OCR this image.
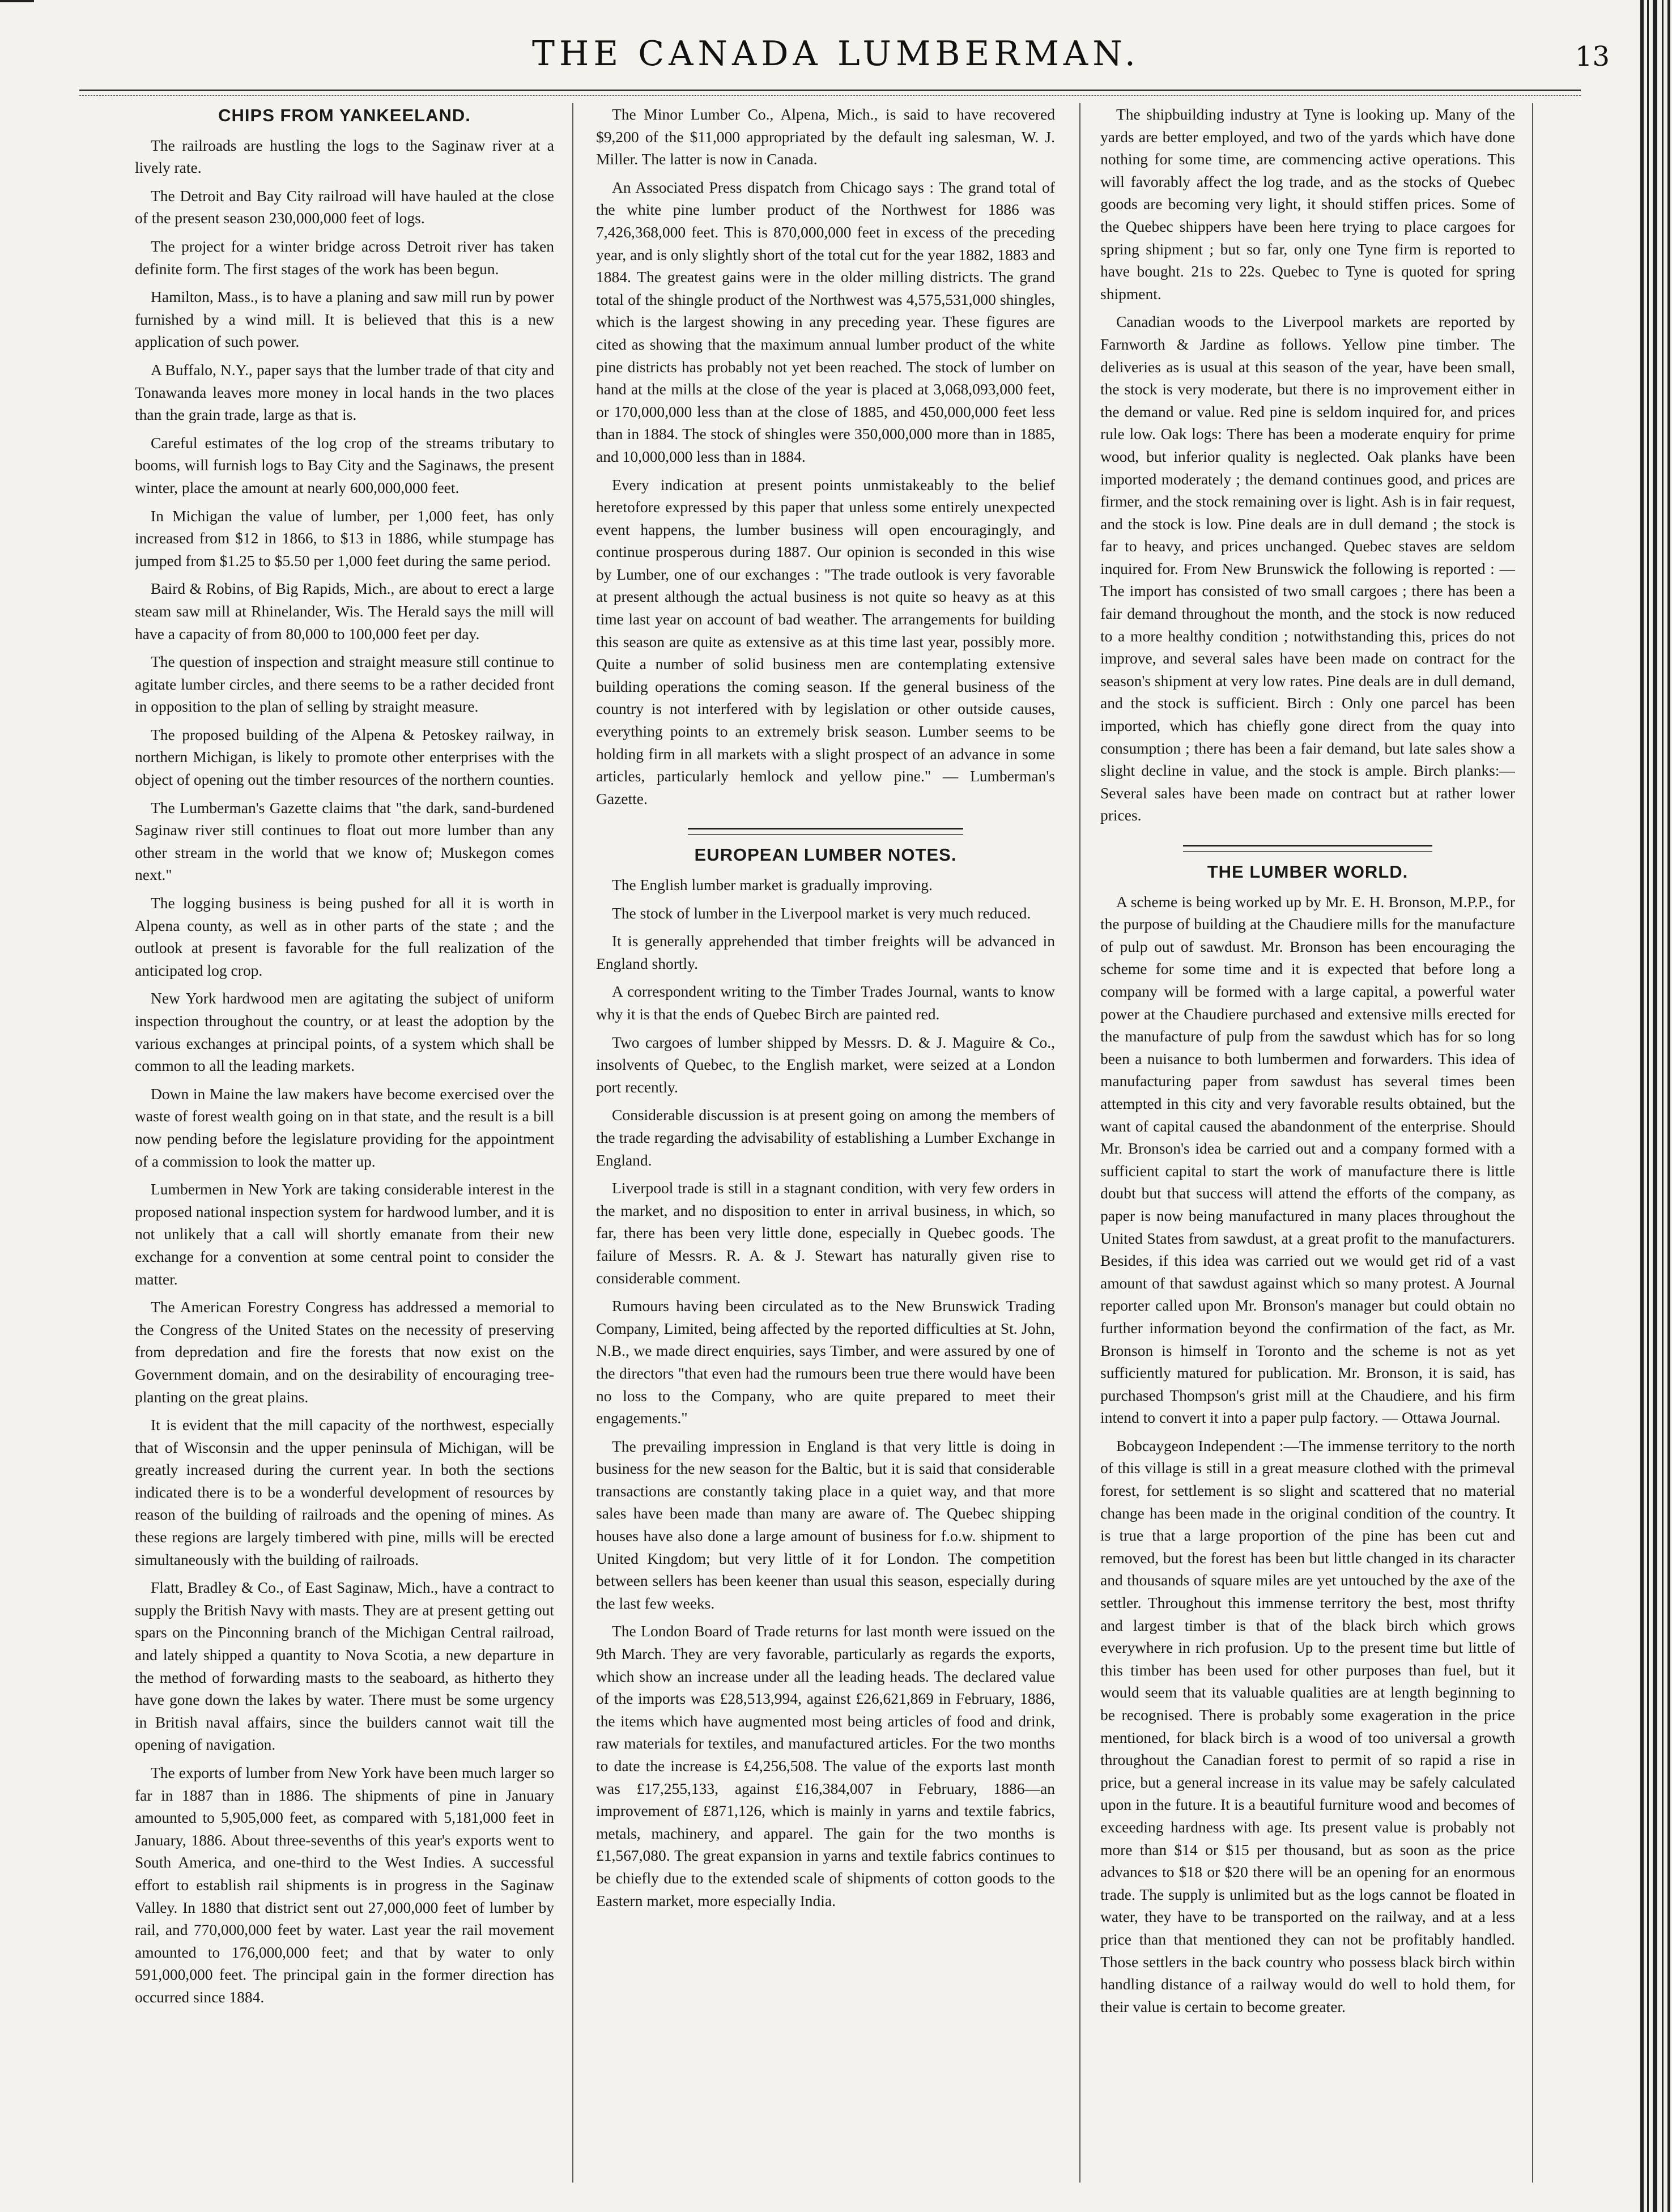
THE CANADA LUMBERMAN.	13
CHIPS FROM YANKEELAND.

The railroads are hustling the logs to the Saginaw river at a lively rate.

The Detroit and Bay City railroad will have hauled at the close of the present season 230,000,000 feet of logs.

The project for a winter bridge across Detroit river has taken definite form. The first stages of the work has been begun.

Hamilton, Mass., is to have a planing and saw mill run by power furnished by a wind mill. It is believed that this is a new application of such power.

A Buffalo, N.Y., paper says that the lumber trade of that city and Tonawanda leaves more money in local hands in the two places than the grain trade, large as that is.

Careful estimates of the log crop of the streams tributary to booms, will furnish logs to Bay City and the Saginaws, the present winter, place the amount at nearly 600,000,000 feet.

In Michigan the value of lumber, per 1,000 feet, has only increased from $12 in 1866, to $13 in 1886, while stumpage has jumped from $1.25 to $5.50 per 1,000 feet during the same period.

Baird & Robins, of Big Rapids, Mich., are about to erect a large steam saw mill at Rhinelander, Wis. The Herald says the mill will have a capacity of from 80,000 to 100,000 feet per day.

The question of inspection and straight measure still continue to agitate lumber circles, and there seems to be a rather decided front in opposition to the plan of selling by straight measure.

The proposed building of the Alpena & Petoskey railway, in northern Michigan, is likely to promote other enterprises with the object of opening out the timber resources of the northern counties.

The Lumberman's Gazette claims that "the dark, sand-burdened Saginaw river still continues to float out more lumber than any other stream in the world that we know of; Muskegon comes next."

The logging business is being pushed for all it is worth in Alpena county, as well as in other parts of the state ; and the outlook at present is favorable for the full realization of the anticipated log crop.

New York hardwood men are agitating the subject of uniform inspection throughout the country, or at least the adoption by the various exchanges at principal points, of a system which shall be common to all the leading markets.

Down in Maine the law makers have become exercised over the waste of forest wealth going on in that state, and the result is a bill now pending before the legislature providing for the appointment of a commission to look the matter up.

Lumbermen in New York are taking considerable interest in the proposed national inspection system for hardwood lumber, and it is not unlikely that a call will shortly emanate from their new exchange for a convention at some central point to consider the matter.

The American Forestry Congress has addressed a memorial to the Congress of the United States on the necessity of preserving from depredation and fire the forests that now exist on the Government domain, and on the desirability of encouraging tree-planting on the great plains.

It is evident that the mill capacity of the northwest, especially that of Wisconsin and the upper peninsula of Michigan, will be greatly increased during the current year. In both the sections indicated there is to be a wonderful development of resources by reason of the building of railroads and the opening of mines. As these regions are largely timbered with pine, mills will be erected simultaneously with the building of railroads.

Flatt, Bradley & Co., of East Saginaw, Mich., have a contract to supply the British Navy with masts. They are at present getting out spars on the Pinconning branch of the Michigan Central railroad, and lately shipped a quantity to Nova Scotia, a new departure in the method of forwarding masts to the seaboard, as hitherto they have gone down the lakes by water. There must be some urgency in British naval affairs, since the builders cannot wait till the opening of navigation.

The exports of lumber from New York have been much larger so far in 1887 than in 1886. The shipments of pine in January amounted to 5,905,000 feet, as compared with 5,181,000 feet in January, 1886. About three-sevenths of this year's exports went to South America, and one-third to the West Indies. A successful effort to establish rail shipments is in progress in the Saginaw Valley. In 1880 that district sent out 27,000,000 feet of lumber by rail, and 770,000,000 feet by water. Last year the rail movement amounted to 176,000,000 feet; and that by water to only 591,000,000 feet. The principal gain in the former direction has occurred since 1884.

The Minor Lumber Co., Alpena, Mich., is said to have recovered $9,200 of the $11,000 appropriated by the default ing salesman, W. J. Miller. The latter is now in Canada.

An Associated Press dispatch from Chicago says : The grand total of the white pine lumber product of the Northwest for 1886 was 7,426,368,000 feet. This is 870,000,000 feet in excess of the preceding year, and is only slightly short of the total cut for the year 1882, 1883 and 1884. The greatest gains were in the older milling districts. The grand total of the shingle product of the Northwest was 4,575,531,000 shingles, which is the largest showing in any preceding year. These figures are cited as showing that the maximum annual lumber product of the white pine districts has probably not yet been reached. The stock of lumber on hand at the mills at the close of the year is placed at 3,068,093,000 feet, or 170,000,000 less than at the close of 1885, and 450,000,000 feet less than in 1884. The stock of shingles were 350,000,000 more than in 1885, and 10,000,000 less than in 1884.

Every indication at present points unmistakeably to the belief heretofore expressed by this paper that unless some entirely unexpected event happens, the lumber business will open encouragingly, and continue prosperous during 1887. Our opinion is seconded in this wise by Lumber, one of our exchanges : "The trade outlook is very favorable at present although the actual business is not quite so heavy as at this time last year on account of bad weather. The arrangements for building this season are quite as extensive as at this time last year, possibly more. Quite a number of solid business men are contemplating extensive building operations the coming season. If the general business of the country is not interfered with by legislation or other outside causes, everything points to an extremely brisk season. Lumber seems to be holding firm in all markets with a slight prospect of an advance in some articles, particularly hemlock and yellow pine." — Lumberman's Gazette.

EUROPEAN LUMBER NOTES.

The English lumber market is gradually improving.

The stock of lumber in the Liverpool market is very much reduced.

It is generally apprehended that timber freights will be advanced in England shortly.

A correspondent writing to the Timber Trades Journal, wants to know why it is that the ends of Quebec Birch are painted red.

Two cargoes of lumber shipped by Messrs. D. & J. Maguire & Co., insolvents of Quebec, to the English market, were seized at a London port recently.

Considerable discussion is at present going on among the members of the trade regarding the advisability of establishing a Lumber Exchange in England.

Liverpool trade is still in a stagnant condition, with very few orders in the market, and no disposition to enter in arrival business, in which, so far, there has been very little done, especially in Quebec goods. The failure of Messrs. R. A. & J. Stewart has naturally given rise to considerable comment.

Rumours having been circulated as to the New Brunswick Trading Company, Limited, being affected by the reported difficulties at St. John, N.B., we made direct enquiries, says Timber, and were assured by one of the directors "that even had the rumours been true there would have been no loss to the Company, who are quite prepared to meet their engagements."

The prevailing impression in England is that very little is doing in business for the new season for the Baltic, but it is said that considerable transactions are constantly taking place in a quiet way, and that more sales have been made than many are aware of. The Quebec shipping houses have also done a large amount of business for f.o.w. shipment to United Kingdom; but very little of it for London. The competition between sellers has been keener than usual this season, especially during the last few weeks.

The London Board of Trade returns for last month were issued on the 9th March. They are very favorable, particularly as regards the exports, which show an increase under all the leading heads. The declared value of the imports was £28,513,994, against £26,621,869 in February, 1886, the items which have augmented most being articles of food and drink, raw materials for textiles, and manufactured articles. For the two months to date the increase is £4,256,508. The value of the exports last month was £17,255,133, against £16,384,007 in February, 1886—an improvement of £871,126, which is mainly in yarns and textile fabrics, metals, machinery, and apparel. The gain for the two months is £1,567,080. The great expansion in yarns and textile fabrics continues to be chiefly due to the extended scale of shipments of cotton goods to the Eastern market, more especially India.

The shipbuilding industry at Tyne is looking up. Many of the yards are better employed, and two of the yards which have done nothing for some time, are commencing active operations. This will favorably affect the log trade, and as the stocks of Quebec goods are becoming very light, it should stiffen prices. Some of the Quebec shippers have been here trying to place cargoes for spring shipment ; but so far, only one Tyne firm is reported to have bought. 21s to 22s. Quebec to Tyne is quoted for spring shipment.

Canadian woods to the Liverpool markets are reported by Farnworth & Jardine as follows. Yellow pine timber. The deliveries as is usual at this season of the year, have been small, the stock is very moderate, but there is no improvement either in the demand or value. Red pine is seldom inquired for, and prices rule low. Oak logs: There has been a moderate enquiry for prime wood, but inferior quality is neglected. Oak planks have been imported moderately ; the demand continues good, and prices are firmer, and the stock remaining over is light. Ash is in fair request, and the stock is low. Pine deals are in dull demand ; the stock is far to heavy, and prices unchanged. Quebec staves are seldom inquired for. From New Brunswick the following is reported : — The import has consisted of two small cargoes ; there has been a fair demand throughout the month, and the stock is now reduced to a more healthy condition ; notwithstanding this, prices do not improve, and several sales have been made on contract for the season's shipment at very low rates. Pine deals are in dull demand, and the stock is sufficient. Birch : Only one parcel has been imported, which has chiefly gone direct from the quay into consumption ; there has been a fair demand, but late sales show a slight decline in value, and the stock is ample. Birch planks:— Several sales have been made on contract but at rather lower prices.

THE LUMBER WORLD.

A scheme is being worked up by Mr. E. H. Bronson, M.P.P., for the purpose of building at the Chaudiere mills for the manufacture of pulp out of sawdust. Mr. Bronson has been encouraging the scheme for some time and it is expected that before long a company will be formed with a large capital, a powerful water power at the Chaudiere purchased and extensive mills erected for the manufacture of pulp from the sawdust which has for so long been a nuisance to both lumbermen and forwarders. This idea of manufacturing paper from sawdust has several times been attempted in this city and very favorable results obtained, but the want of capital caused the abandonment of the enterprise. Should Mr. Bronson's idea be carried out and a company formed with a sufficient capital to start the work of manufacture there is little doubt but that success will attend the efforts of the company, as paper is now being manufactured in many places throughout the United States from sawdust, at a great profit to the manufacturers. Besides, if this idea was carried out we would get rid of a vast amount of that sawdust against which so many protest. A Journal reporter called upon Mr. Bronson's manager but could obtain no further information beyond the confirmation of the fact, as Mr. Bronson is himself in Toronto and the scheme is not as yet sufficiently matured for publication. Mr. Bronson, it is said, has purchased Thompson's grist mill at the Chaudiere, and his firm intend to convert it into a paper pulp factory. — Ottawa Journal.

Bobcaygeon Independent :—The immense territory to the north of this village is still in a great measure clothed with the primeval forest, for settlement is so slight and scattered that no material change has been made in the original condition of the country. It is true that a large proportion of the pine has been cut and removed, but the forest has been but little changed in its character and thousands of square miles are yet untouched by the axe of the settler. Throughout this immense territory the best, most thrifty and largest timber is that of the black birch which grows everywhere in rich profusion. Up to the present time but little of this timber has been used for other purposes than fuel, but it would seem that its valuable qualities are at length beginning to be recognised. There is probably some exageration in the price mentioned, for black birch is a wood of too universal a growth throughout the Canadian forest to permit of so rapid a rise in price, but a general increase in its value may be safely calculated upon in the future. It is a beautiful furniture wood and becomes of exceeding hardness with age. Its present value is probably not more than $14 or $15 per thousand, but as soon as the price advances to $18 or $20 there will be an opening for an enormous trade. The supply is unlimited but as the logs cannot be floated in water, they have to be transported on the railway, and at a less price than that mentioned they can not be profitably handled. Those settlers in the back country who possess black birch within handling distance of a railway would do well to hold them, for their value is certain to become greater.
